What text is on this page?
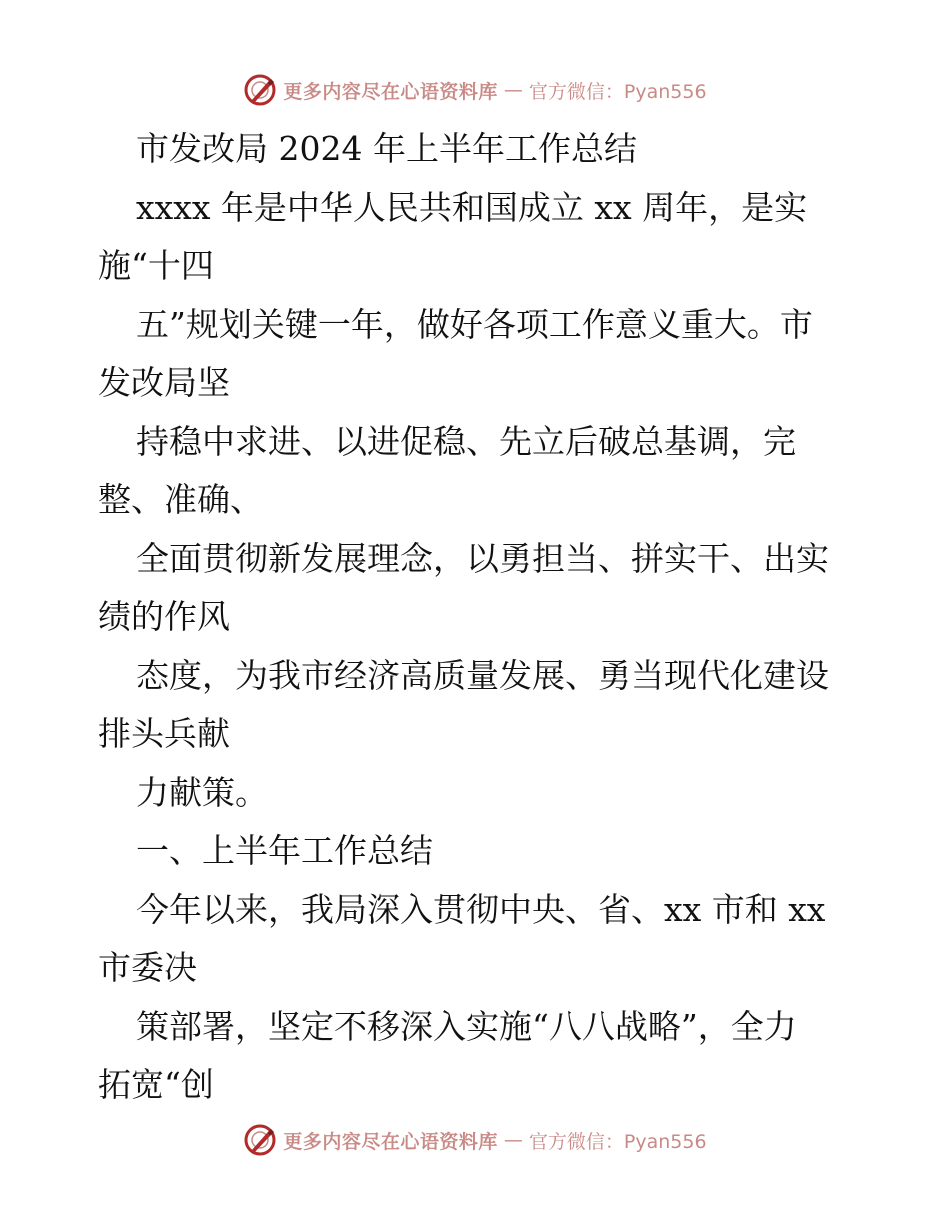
更多内容尽在心语资料库 — 官方微信：Pyan556
市发改局 2024 年上半年工作总结
xxxx 年是中华人民共和国成立 xx 周年，是实
施“十四
五”规划关键一年，做好各项工作意义重大。市
发改局坚
持稳中求进、以进促稳、先立后破总基调，完
整、准确、
全面贯彻新发展理念，以勇担当、拼实干、出实
绩的作风
态度，为我市经济高质量发展、勇当现代化建设
排头兵献
力献策。
一、上半年工作总结
今年以来，我局深入贯彻中央、省、xx 市和 xx
市委决
策部署，坚定不移深入实施“八八战略”，全力
拓宽“创
更多内容尽在心语资料库 — 官方微信：Pyan556
